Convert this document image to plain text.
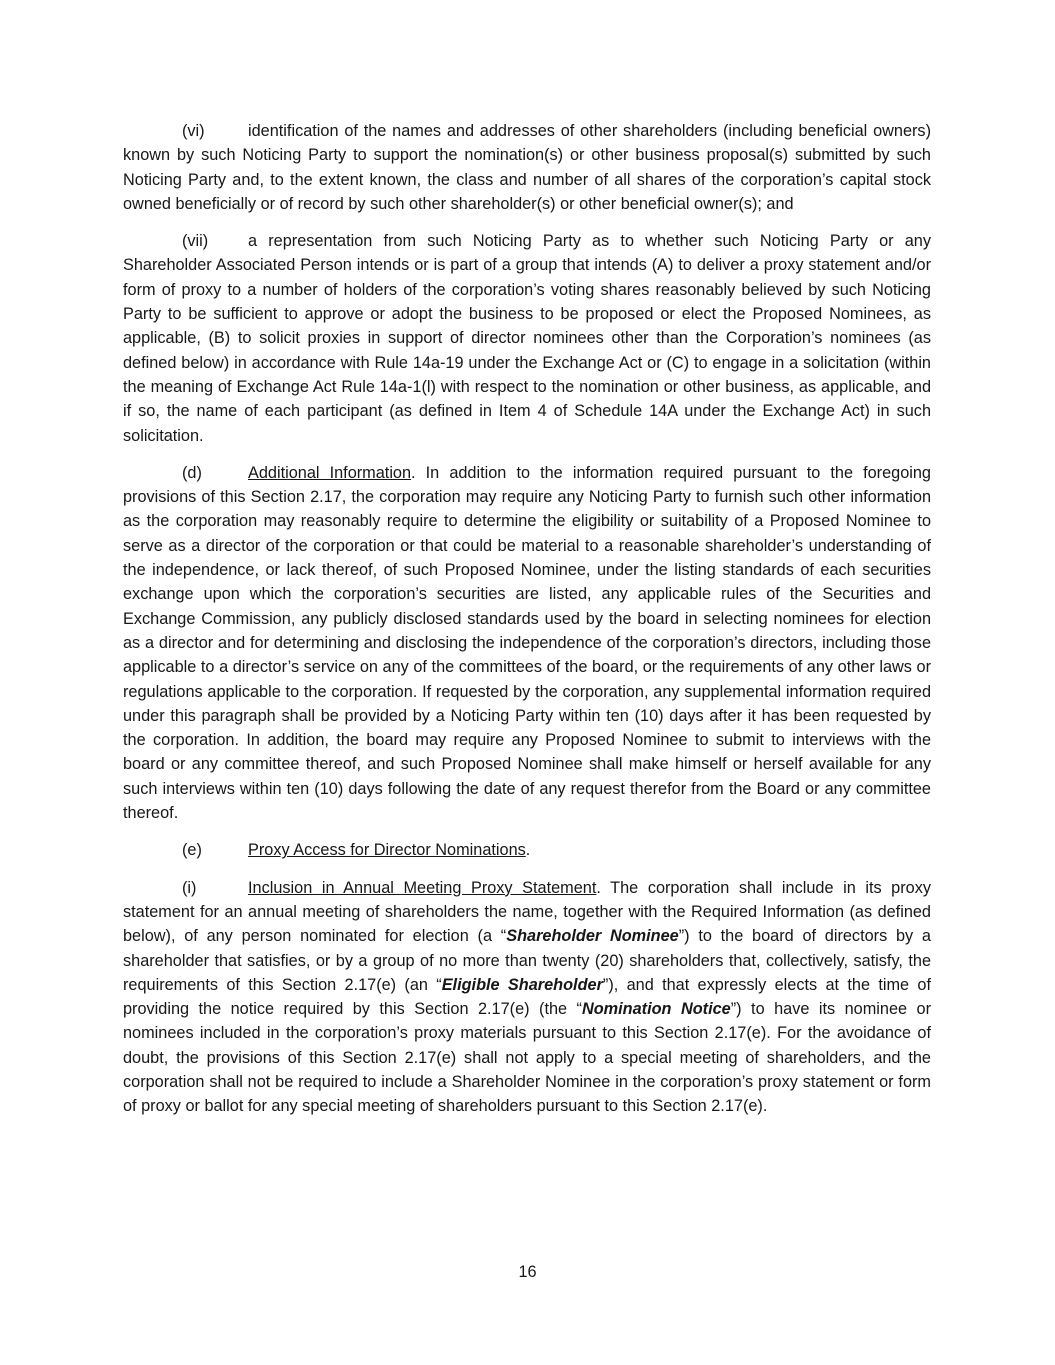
(vi)	identification of the names and addresses of other shareholders (including beneficial owners) known by such Noticing Party to support the nomination(s) or other business proposal(s) submitted by such Noticing Party and, to the extent known, the class and number of all shares of the corporation’s capital stock owned beneficially or of record by such other shareholder(s) or other beneficial owner(s); and

(vii) a representation from such Noticing Party as to whether such Noticing Party or any Shareholder Associated Person intends or is part of a group that intends (A) to deliver a proxy statement and/or form of proxy to a number of holders of the corporation’s voting shares reasonably believed by such Noticing Party to be sufficient to approve or adopt the business to be proposed or elect the Proposed Nominees, as applicable, (B) to solicit proxies in support of director nominees other than the Corporation’s nominees (as defined below) in accordance with Rule 14a-19 under the Exchange Act or (C) to engage in a solicitation (within the meaning of Exchange Act Rule 14a-1(l) with respect to the nomination or other business, as applicable, and if so, the name of each participant (as defined in Item 4 of Schedule 14A under the Exchange Act) in such solicitation.

(d)	Additional Information. In addition to the information required pursuant to the foregoing provisions of this Section 2.17, the corporation may require any Noticing Party to furnish such other information as the corporation may reasonably require to determine the eligibility or suitability of a Proposed Nominee to serve as a director of the corporation or that could be material to a reasonable shareholder’s understanding of the independence, or lack thereof, of such Proposed Nominee, under the listing standards of each securities exchange upon which the corporation’s securities are listed, any applicable rules of the Securities and Exchange Commission, any publicly disclosed standards used by the board in selecting nominees for election as a director and for determining and disclosing the independence of the corporation’s directors, including those applicable to a director’s service on any of the committees of the board, or the requirements of any other laws or regulations applicable to the corporation. If requested by the corporation, any supplemental information required under this paragraph shall be provided by a Noticing Party within ten (10) days after it has been requested by the corporation. In addition, the board may require any Proposed Nominee to submit to interviews with the board or any committee thereof, and such Proposed Nominee shall make himself or herself available for any such interviews within ten (10) days following the date of any request therefor from the Board or any committee thereof.

(e)	Proxy Access for Director Nominations.

(i)	Inclusion in Annual Meeting Proxy Statement. The corporation shall include in its proxy statement for an annual meeting of shareholders the name, together with the Required Information (as defined below), of any person nominated for election (a “Shareholder Nominee”) to the board of directors by a shareholder that satisfies, or by a group of no more than twenty (20) shareholders that, collectively, satisfy, the requirements of this Section 2.17(e) (an “Eligible Shareholder”), and that expressly elects at the time of providing the notice required by this Section 2.17(e) (the “Nomination Notice”) to have its nominee or nominees included in the corporation’s proxy materials pursuant to this Section 2.17(e). For the avoidance of doubt, the provisions of this Section 2.17(e) shall not apply to a special meeting of shareholders, and the corporation shall not be required to include a Shareholder Nominee in the corporation’s proxy statement or form of proxy or ballot for any special meeting of shareholders pursuant to this Section 2.17(e).

16
